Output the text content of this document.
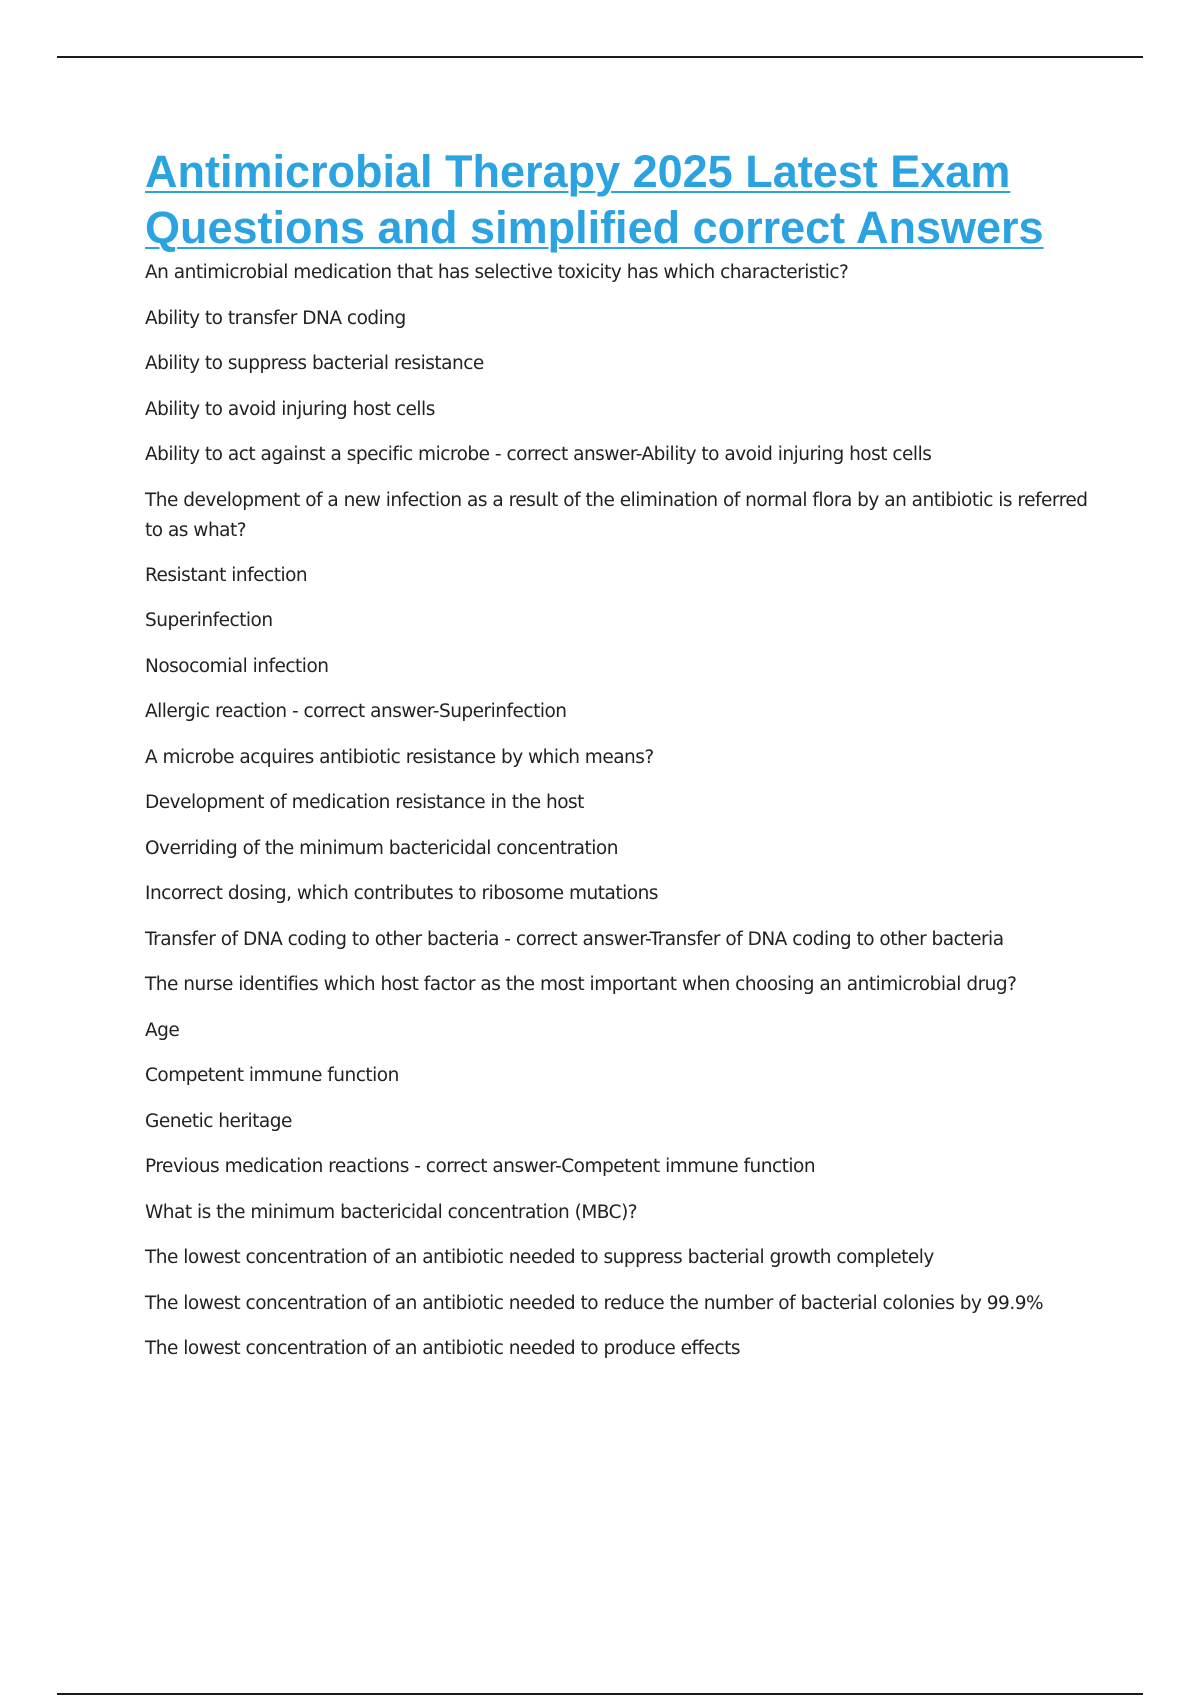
Antimicrobial Therapy 2025 Latest Exam Questions and simplified correct Answers
An antimicrobial medication that has selective toxicity has which characteristic?
Ability to transfer DNA coding
Ability to suppress bacterial resistance
Ability to avoid injuring host cells
Ability to act against a specific microbe - correct answer-Ability to avoid injuring host cells
The development of a new infection as a result of the elimination of normal flora by an antibiotic is referred to as what?
Resistant infection
Superinfection
Nosocomial infection
Allergic reaction - correct answer-Superinfection
A microbe acquires antibiotic resistance by which means?
Development of medication resistance in the host
Overriding of the minimum bactericidal concentration
Incorrect dosing, which contributes to ribosome mutations
Transfer of DNA coding to other bacteria - correct answer-Transfer of DNA coding to other bacteria
The nurse identifies which host factor as the most important when choosing an antimicrobial drug?
Age
Competent immune function
Genetic heritage
Previous medication reactions - correct answer-Competent immune function
What is the minimum bactericidal concentration (MBC)?
The lowest concentration of an antibiotic needed to suppress bacterial growth completely
The lowest concentration of an antibiotic needed to reduce the number of bacterial colonies by 99.9%
The lowest concentration of an antibiotic needed to produce effects
